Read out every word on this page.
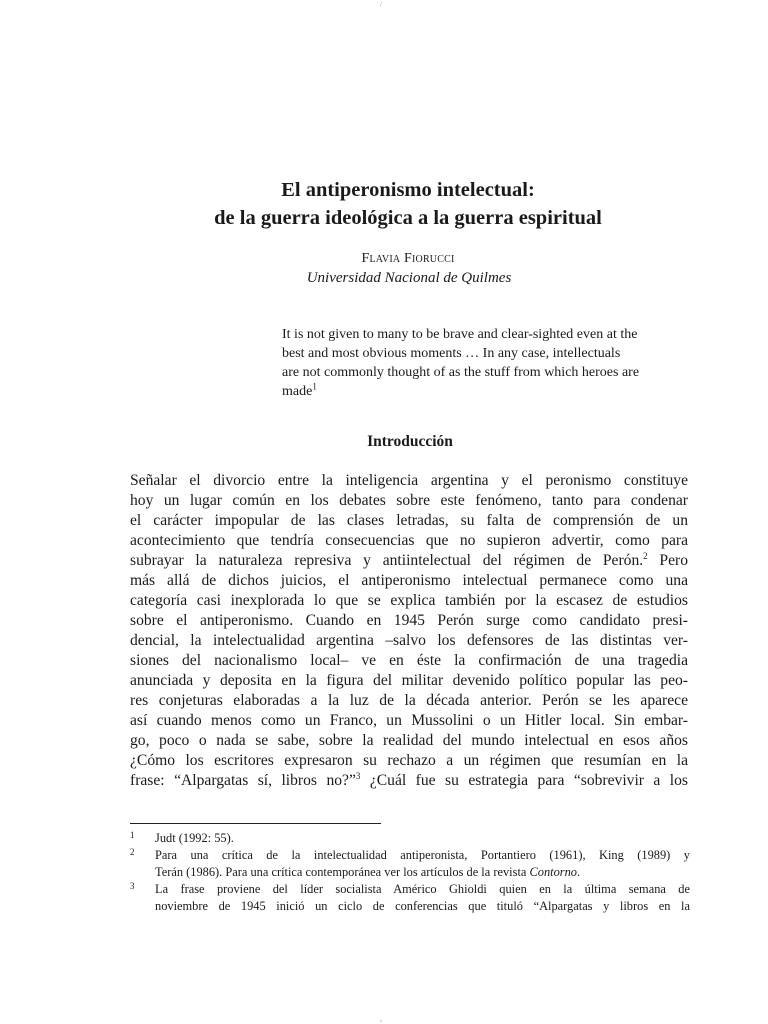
/
El antiperonismo intelectual:
de la guerra ideológica a la guerra espiritual
Flavia Fiorucci
Universidad Nacional de Quilmes
It is not given to many to be brave and clear-sighted even at the
best and most obvious moments … In any case, intellectuals
are not commonly thought of as the stuff from which heroes are
made$^1$
Introducción
Señalar el divorcio entre la inteligencia argentina y el peronismo constituye
hoy un lugar común en los debates sobre este fenómeno, tanto para condenar
el carácter impopular de las clases letradas, su falta de comprensión de un
acontecimiento que tendría consecuencias que no supieron advertir, como para
subrayar la naturaleza represiva y antiintelectual del régimen de Perón.$^2$ Pero
más allá de dichos juicios, el antiperonismo intelectual permanece como una
categoría casi inexplorada lo que se explica también por la escasez de estudios
sobre el antiperonismo. Cuando en 1945 Perón surge como candidato presi-
dencial, la intelectualidad argentina –salvo los defensores de las distintas ver-
siones del nacionalismo local– ve en éste la confirmación de una tragedia
anunciada y deposita en la figura del militar devenido político popular las peo-
res conjeturas elaboradas a la luz de la década anterior. Perón se les aparece
así cuando menos como un Franco, un Mussolini o un Hitler local. Sin embar-
go, poco o nada se sabe, sobre la realidad del mundo intelectual en esos años
¿Cómo los escritores expresaron su rechazo a un régimen que resumían en la
frase: “Alpargatas sí, libros no?”$^3$ ¿Cuál fue su estrategia para “sobrevivir a los
1 Judt (1992: 55).
2 Para una crítica de la intelectualidad antiperonista, Portantiero (1961), King (1989) y
Terán (1986). Para una crítica contemporánea ver los artículos de la revista Contorno.
3 La frase proviene del líder socialista Américo Ghioldi quien en la última semana de
noviembre de 1945 inició un ciclo de conferencias que tituló “Alpargatas y libros en la
,
